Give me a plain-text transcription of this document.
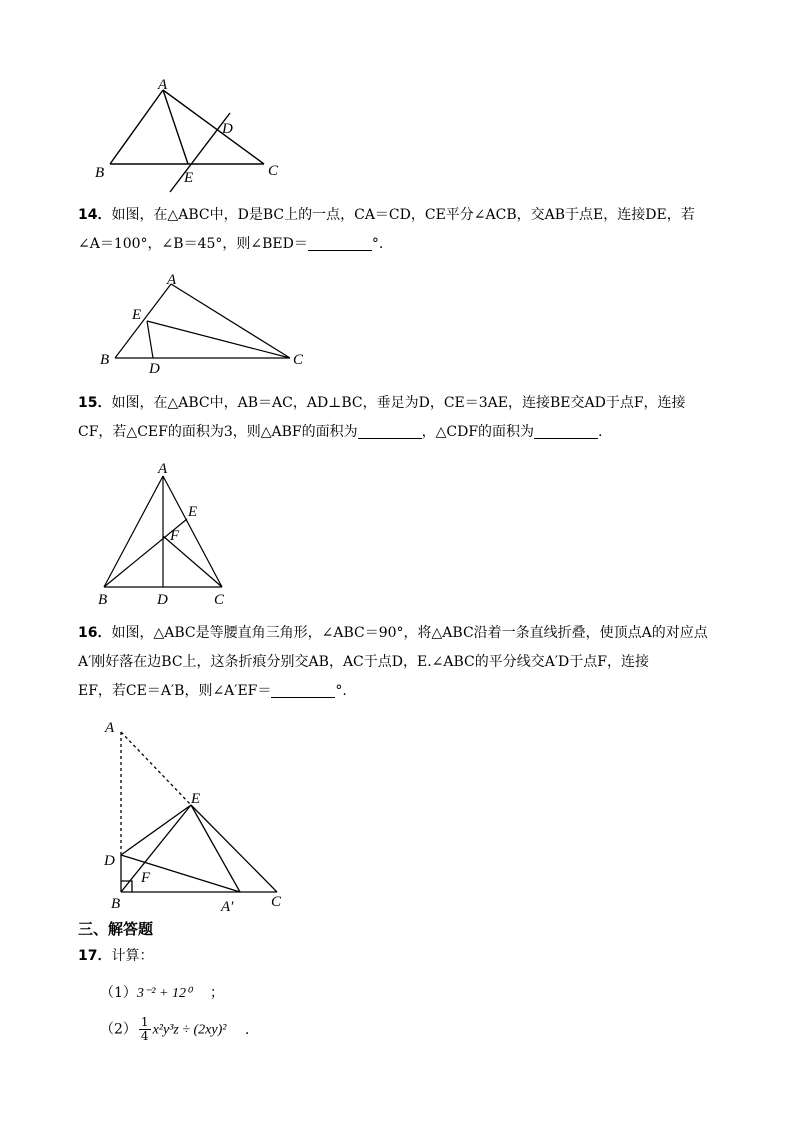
A
D
B	E	C
14．如图，在△ABC中，D是BC上的一点，CA＝CD，CE平分∠ACB，交AB于点E，连接DE，若
∠A＝100°，∠B＝45°，则∠BED＝	°.
A
E
B
D
C
15．如图，在△ABC中，AB＝AC，AD⊥BC，垂足为D，CE＝3AE，连接BE交AD于点F，连接
CF，若△CEF的面积为3，则△ABF的面积为	，△CDF的面积为	.
A
E
F
B	D	C
16．如图，△ABC是等腰直角三角形，∠ABC＝90°，将△ABC沿着一条直线折叠，使顶点A的对应点
A′刚好落在边BC上，这条折痕分别交AB，AC于点D，E.∠ABC的平分线交A′D于点F，连接
EF，若CE＝A′B，则∠A′EF＝	°.
A
E
D
F
B	A′	C
三、解答题
17．计算：
（1）3⁻² + 12⁰ ；
$(2) \frac{1}{4} x^2y^3z \div (2xy)^2$ .
